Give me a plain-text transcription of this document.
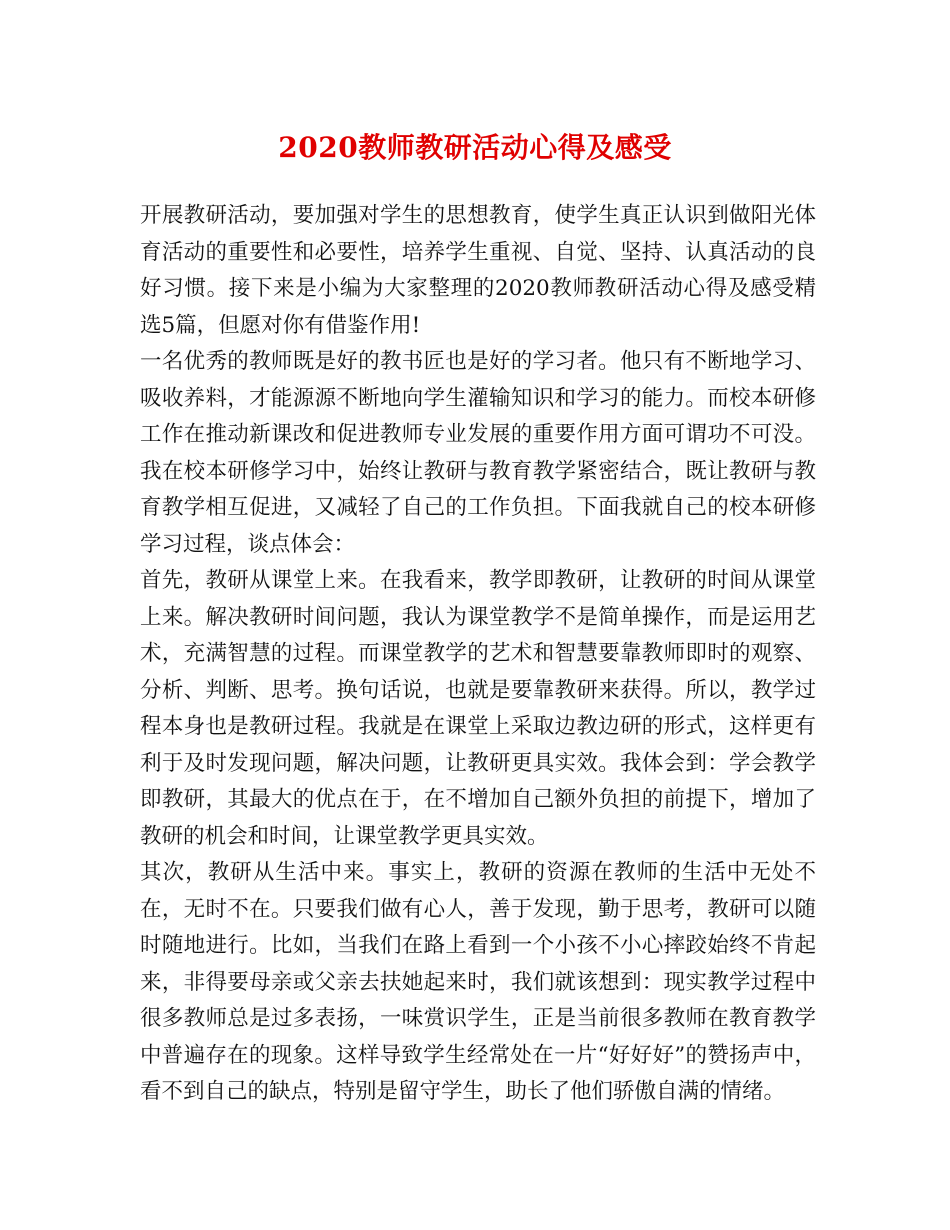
2020教师教研活动心得及感受

开展教研活动，要加强对学生的思想教育，使学生真正认识到做阳光体育活动的重要性和必要性，培养学生重视、自觉、坚持、认真活动的良好习惯。接下来是小编为大家整理的2020教师教研活动心得及感受精选5篇，但愿对你有借鉴作用!

一名优秀的教师既是好的教书匠也是好的学习者。他只有不断地学习、吸收养料，才能源源不断地向学生灌输知识和学习的能力。而校本研修工作在推动新课改和促进教师专业发展的重要作用方面可谓功不可没。我在校本研修学习中，始终让教研与教育教学紧密结合，既让教研与教育教学相互促进，又减轻了自己的工作负担。下面我就自己的校本研修学习过程，谈点体会：

首先，教研从课堂上来。在我看来，教学即教研，让教研的时间从课堂上来。解决教研时间问题，我认为课堂教学不是简单操作，而是运用艺术，充满智慧的过程。而课堂教学的艺术和智慧要靠教师即时的观察、分析、判断、思考。换句话说，也就是要靠教研来获得。所以，教学过程本身也是教研过程。我就是在课堂上采取边教边研的形式，这样更有利于及时发现问题，解决问题，让教研更具实效。我体会到：学会教学即教研，其最大的优点在于，在不增加自己额外负担的前提下，增加了教研的机会和时间，让课堂教学更具实效。

其次，教研从生活中来。事实上，教研的资源在教师的生活中无处不在，无时不在。只要我们做有心人，善于发现，勤于思考，教研可以随时随地进行。比如，当我们在路上看到一个小孩不小心摔跤始终不肯起来，非得要母亲或父亲去扶她起来时，我们就该想到：现实教学过程中很多教师总是过多表扬，一味赏识学生，正是当前很多教师在教育教学中普遍存在的现象。这样导致学生经常处在一片“好好好”的赞扬声中，看不到自己的缺点，特别是留守学生，助长了他们骄傲自满的情绪。
